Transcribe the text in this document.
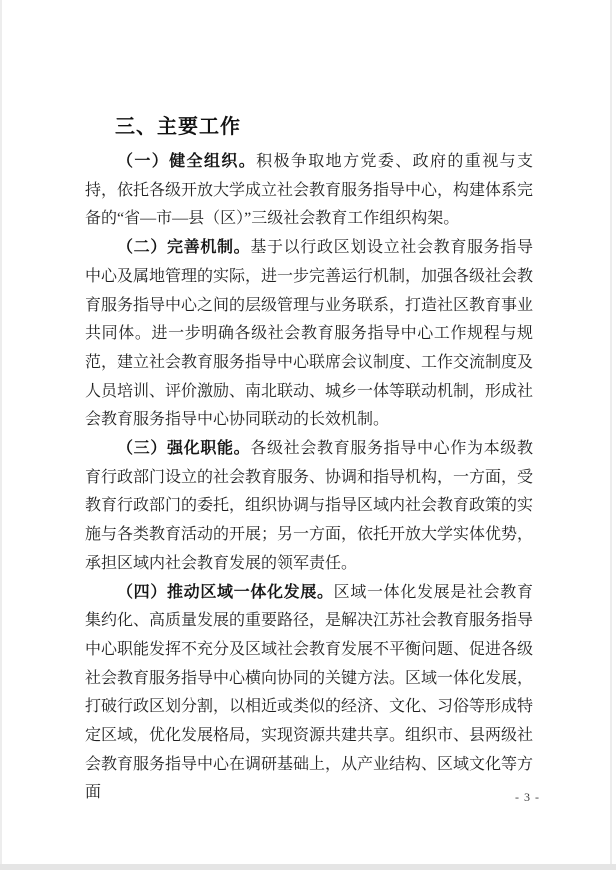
三、主要工作

（一）健全组织。积极争取地方党委、政府的重视与支持，依托各级开放大学成立社会教育服务指导中心，构建体系完备的“省—市—县（区）”三级社会教育工作组织构架。

（二）完善机制。基于以行政区划设立社会教育服务指导中心及属地管理的实际，进一步完善运行机制，加强各级社会教育服务指导中心之间的层级管理与业务联系，打造社区教育事业共同体。进一步明确各级社会教育服务指导中心工作规程与规范，建立社会教育服务指导中心联席会议制度、工作交流制度及人员培训、评价激励、南北联动、城乡一体等联动机制，形成社会教育服务指导中心协同联动的长效机制。

（三）强化职能。各级社会教育服务指导中心作为本级教育行政部门设立的社会教育服务、协调和指导机构，一方面，受教育行政部门的委托，组织协调与指导区域内社会教育政策的实施与各类教育活动的开展；另一方面，依托开放大学实体优势，承担区域内社会教育发展的领军责任。

（四）推动区域一体化发展。区域一体化发展是社会教育集约化、高质量发展的重要路径，是解决江苏社会教育服务指导中心职能发挥不充分及区域社会教育发展不平衡问题、促进各级社会教育服务指导中心横向协同的关键方法。区域一体化发展，打破行政区划分割，以相近或类似的经济、文化、习俗等形成特定区域，优化发展格局，实现资源共建共享。组织市、县两级社会教育服务指导中心在调研基础上，从产业结构、区域文化等方面	- 3 -
